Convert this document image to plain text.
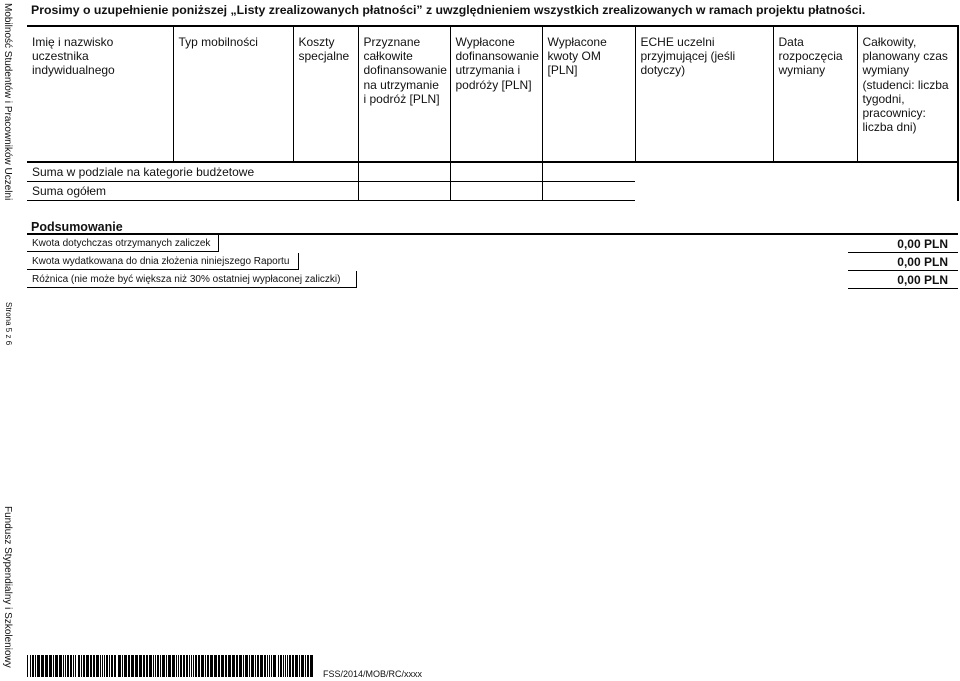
Mobilność Studentów i Pracowników Uczelni
Strona 5 z 6
Fundusz Stypendialny i Szkoleniowy
Prosimy o uzupełnienie poniższej „Listy zrealizowanych płatności” z uwzględnieniem wszystkich zrealizowanych w ramach projektu płatności.
Imię i nazwisko uczestnika indywidualnego	Typ mobilności	Koszty specjalne	Przyznane całkowite dofinansowanie na utrzymanie i podróż [PLN]	Wypłacone dofinansowanie utrzymania i podróży [PLN]	Wypłacone kwoty OM [PLN]	ECHE uczelni przyjmującej (jeśli dotyczy)	Data rozpoczęcia wymiany	Całkowity, planowany czas wymiany (studenci: liczba tygodni, pracownicy: liczba dni)
Suma w podziale na kategorie budżetowe								
Suma ogółem								
Podsumowanie
Kwota dotychczas otrzymanych zaliczek	0,00 PLN
Kwota wydatkowana do dnia złożenia niniejszego Raportu	0,00 PLN
Różnica (nie może być większa niż 30% ostatniej wypłaconej zaliczki)	0,00 PLN
FSS/2014/MOB/RC/xxxx
